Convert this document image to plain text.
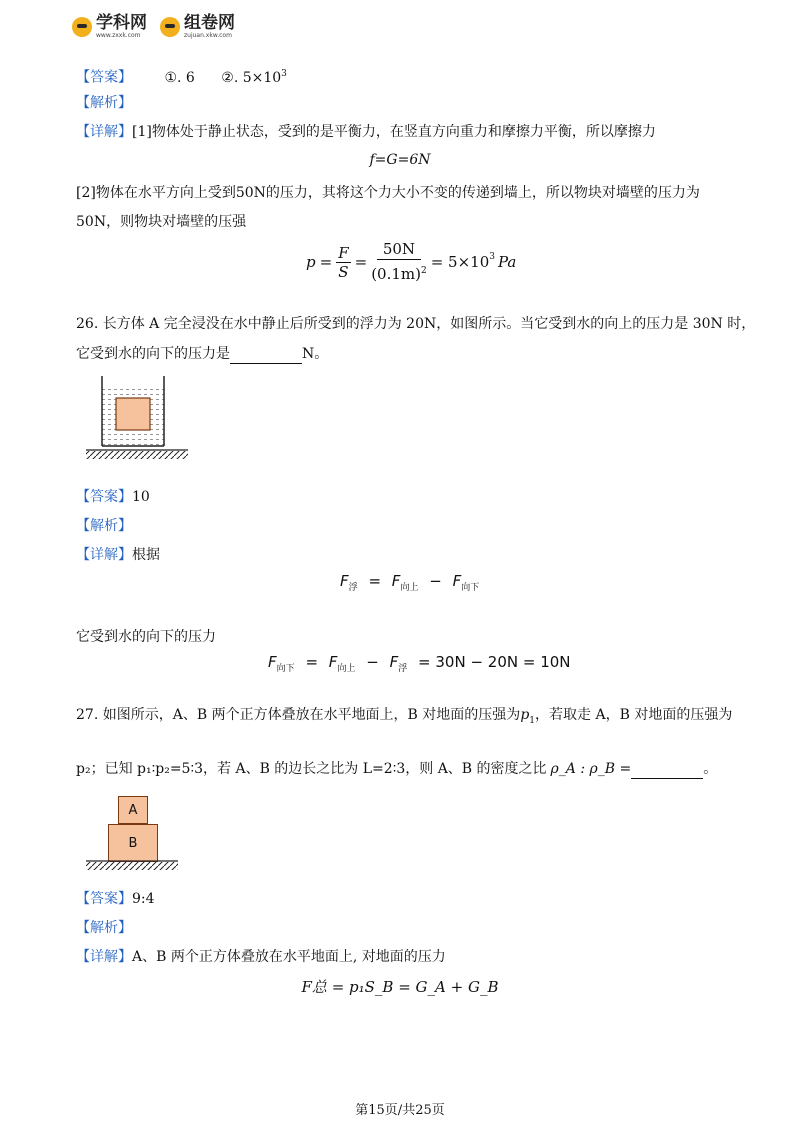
学科网
www.zxxk.com
组卷网
zujuan.xkw.com
【答案】 ①. 6 ②. $5\times 10^3$
【解析】
【详解】[1]物体处于静止状态，受到的是平衡力，在竖直方向重力和摩擦力平衡，所以摩擦力
f=G=6N
[2]物体在水平方向上受到50N的压力，其将这个力大小不变的传递到墙上，所以物块对墙壁的压力为
50N，则物块对墙壁的压强
$p = \frac{F}{S} = \frac{50N}{(0.1m)^2} = 5\times 10^3$ Pa
26. 长方体 A 完全浸没在水中静止后所受到的浮力为 20N，如图所示。当它受到水的向上的压力是 30N 时，
它受到水的向下的压力是	N。
【答案】10
【解析】
【详解】根据
$F_浮 = F_{向上} - F_{向下}$
它受到水的向下的压力
$F_{向下} = F_{向上} - F_浮 = 30N - 20N = 10N$
27. 如图所示，A、B 两个正方体叠放在水平地面上，B 对地面的压强为$p_1$，若取走 A，B 对地面的压强为
p₂；已知 p₁∶p₂=5∶3，若 A、B 的边长之比为 L=2∶3，则 A、B 的密度之比 ρ_A : ρ_B =	。
A
B
【答案】9:4
【解析】
【详解】A、B 两个正方体叠放在水平地面上, 对地面的压力
F总 = p₁S_B = G_A + G_B
第15页/共25页
